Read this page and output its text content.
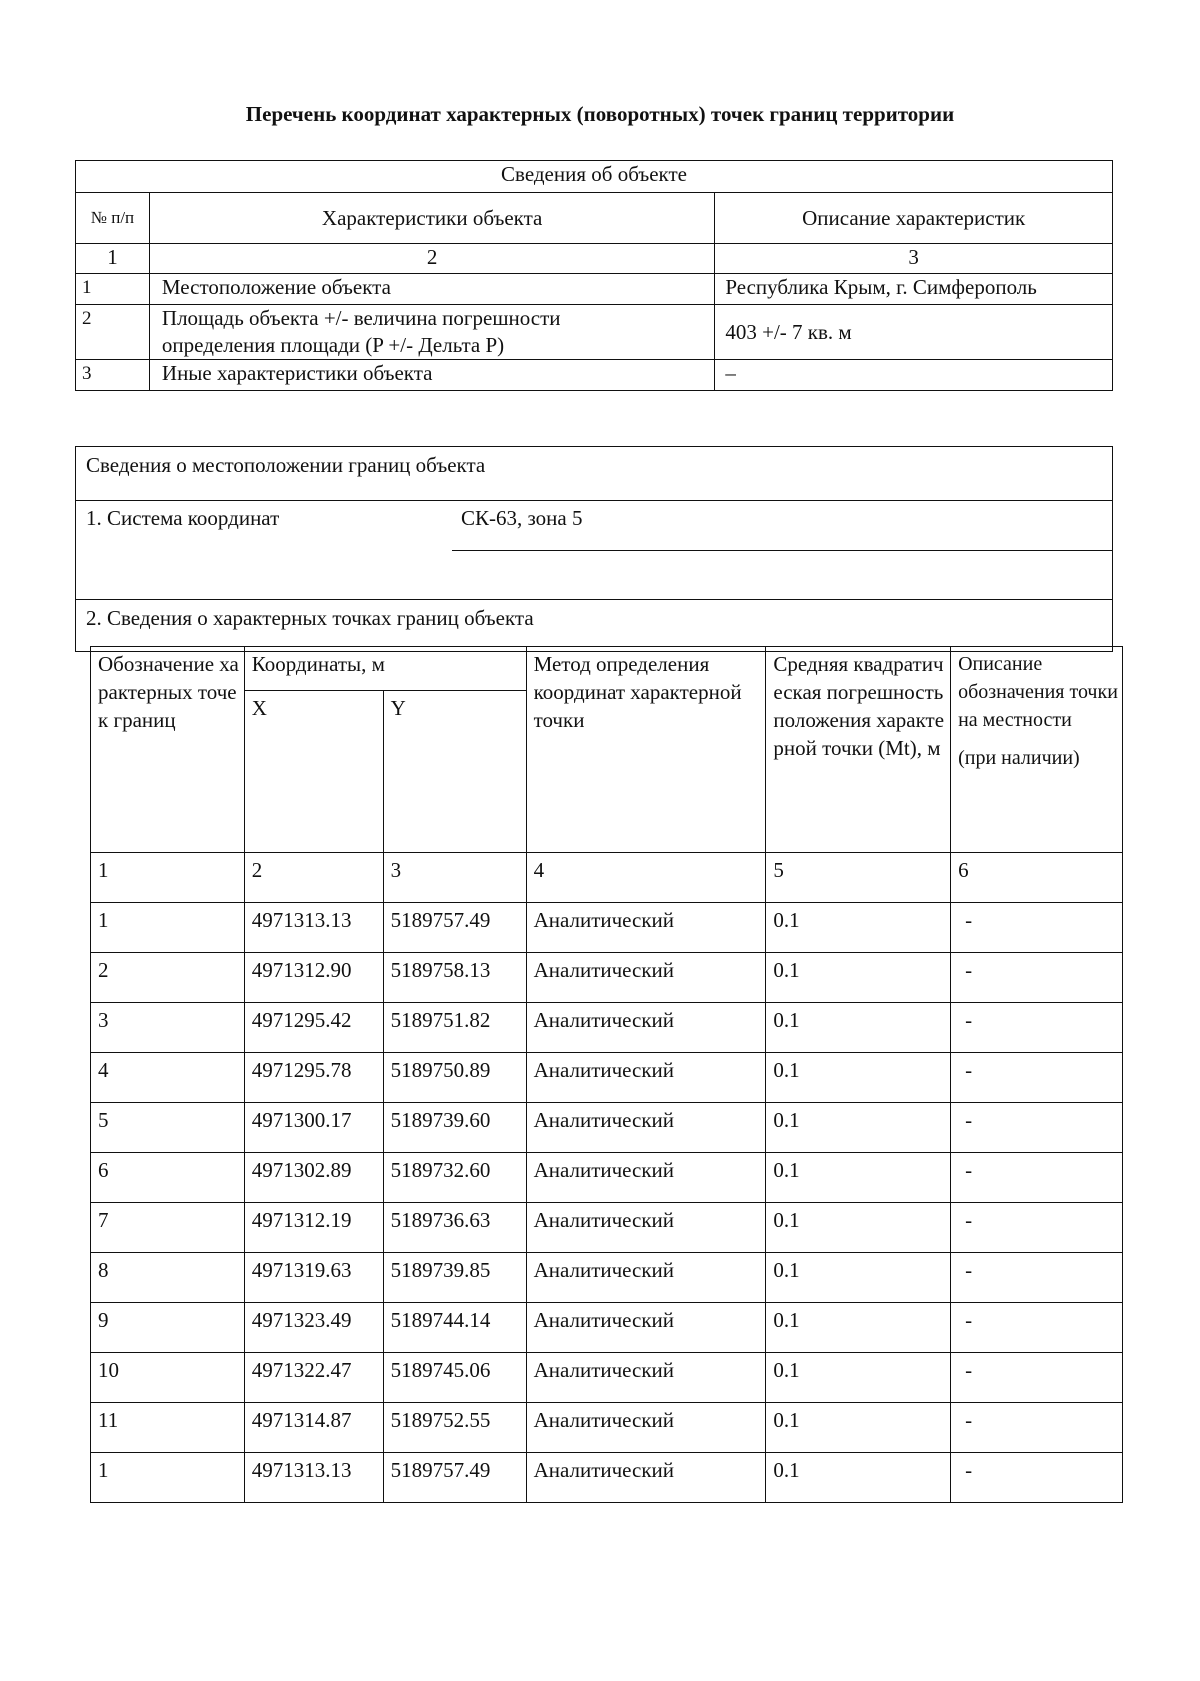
Перечень координат характерных (поворотных) точек границ территории
Сведения об объекте		
№ п/п	Характеристики объекта	Описание характеристик
1	2	3
1	Местоположение объекта	Республика Крым, г. Симферополь
2	Площадь объекта +/- величина погрешности определения площади (P +/- Дельта P)	403 +/- 7 кв. м
3	Иные характеристики объекта	–
Сведения о местоположении границ объекта

1. Система координат	СК-63, зона 5

2. Сведения о характерных точках границ объекта
Обозначение характерных точек границ	Координаты, м		Метод определения координат характерной точки	Средняя квадратическая погрешность положения характерной точки (Mt), м	Описание обозначения точки на местности
(при наличии)

	X	Y			
1	2	3	4	5	6
1	4971313.13	5189757.49	Аналитический	0.1	-
2	4971312.90	5189758.13	Аналитический	0.1	-
3	4971295.42	5189751.82	Аналитический	0.1	-
4	4971295.78	5189750.89	Аналитический	0.1	-
5	4971300.17	5189739.60	Аналитический	0.1	-
6	4971302.89	5189732.60	Аналитический	0.1	-
7	4971312.19	5189736.63	Аналитический	0.1	-
8	4971319.63	5189739.85	Аналитический	0.1	-
9	4971323.49	5189744.14	Аналитический	0.1	-
10	4971322.47	5189745.06	Аналитический	0.1	-
11	4971314.87	5189752.55	Аналитический	0.1	-
1	4971313.13	5189757.49	Аналитический	0.1	-
